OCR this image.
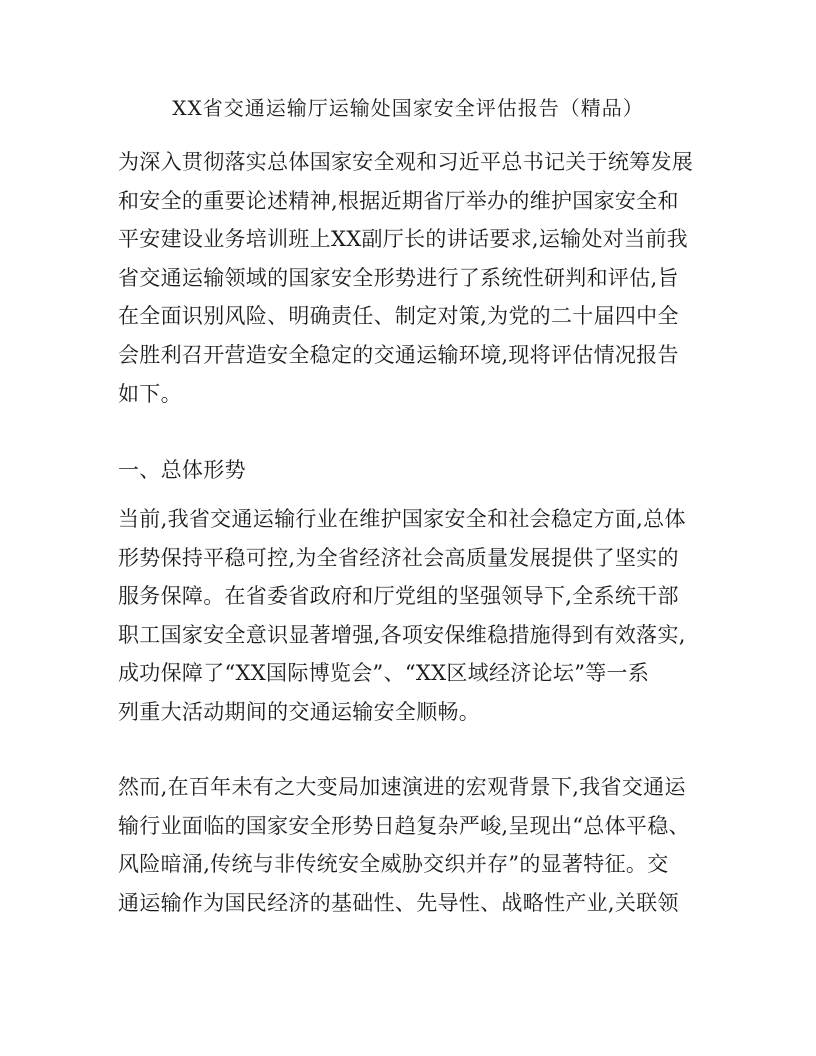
XX省交通运输厅运输处国家安全评估报告（精品）
为深入贯彻落实总体国家安全观和习近平总书记关于统筹发展
和安全的重要论述精神,根据近期省厅举办的维护国家安全和
平安建设业务培训班上XX副厅长的讲话要求,运输处对当前我
省交通运输领域的国家安全形势进行了系统性研判和评估,旨
在全面识别风险、明确责任、制定对策,为党的二十届四中全
会胜利召开营造安全稳定的交通运输环境,现将评估情况报告
如下。
一、总体形势
当前,我省交通运输行业在维护国家安全和社会稳定方面,总体
形势保持平稳可控,为全省经济社会高质量发展提供了坚实的
服务保障。在省委省政府和厅党组的坚强领导下,全系统干部
职工国家安全意识显著增强,各项安保维稳措施得到有效落实,
成功保障了“XX国际博览会”、“XX区域经济论坛”等一系
列重大活动期间的交通运输安全顺畅。
然而,在百年未有之大变局加速演进的宏观背景下,我省交通运
输行业面临的国家安全形势日趋复杂严峻,呈现出“总体平稳、
风险暗涌,传统与非传统安全威胁交织并存”的显著特征。交
通运输作为国民经济的基础性、先导性、战略性产业,关联领
